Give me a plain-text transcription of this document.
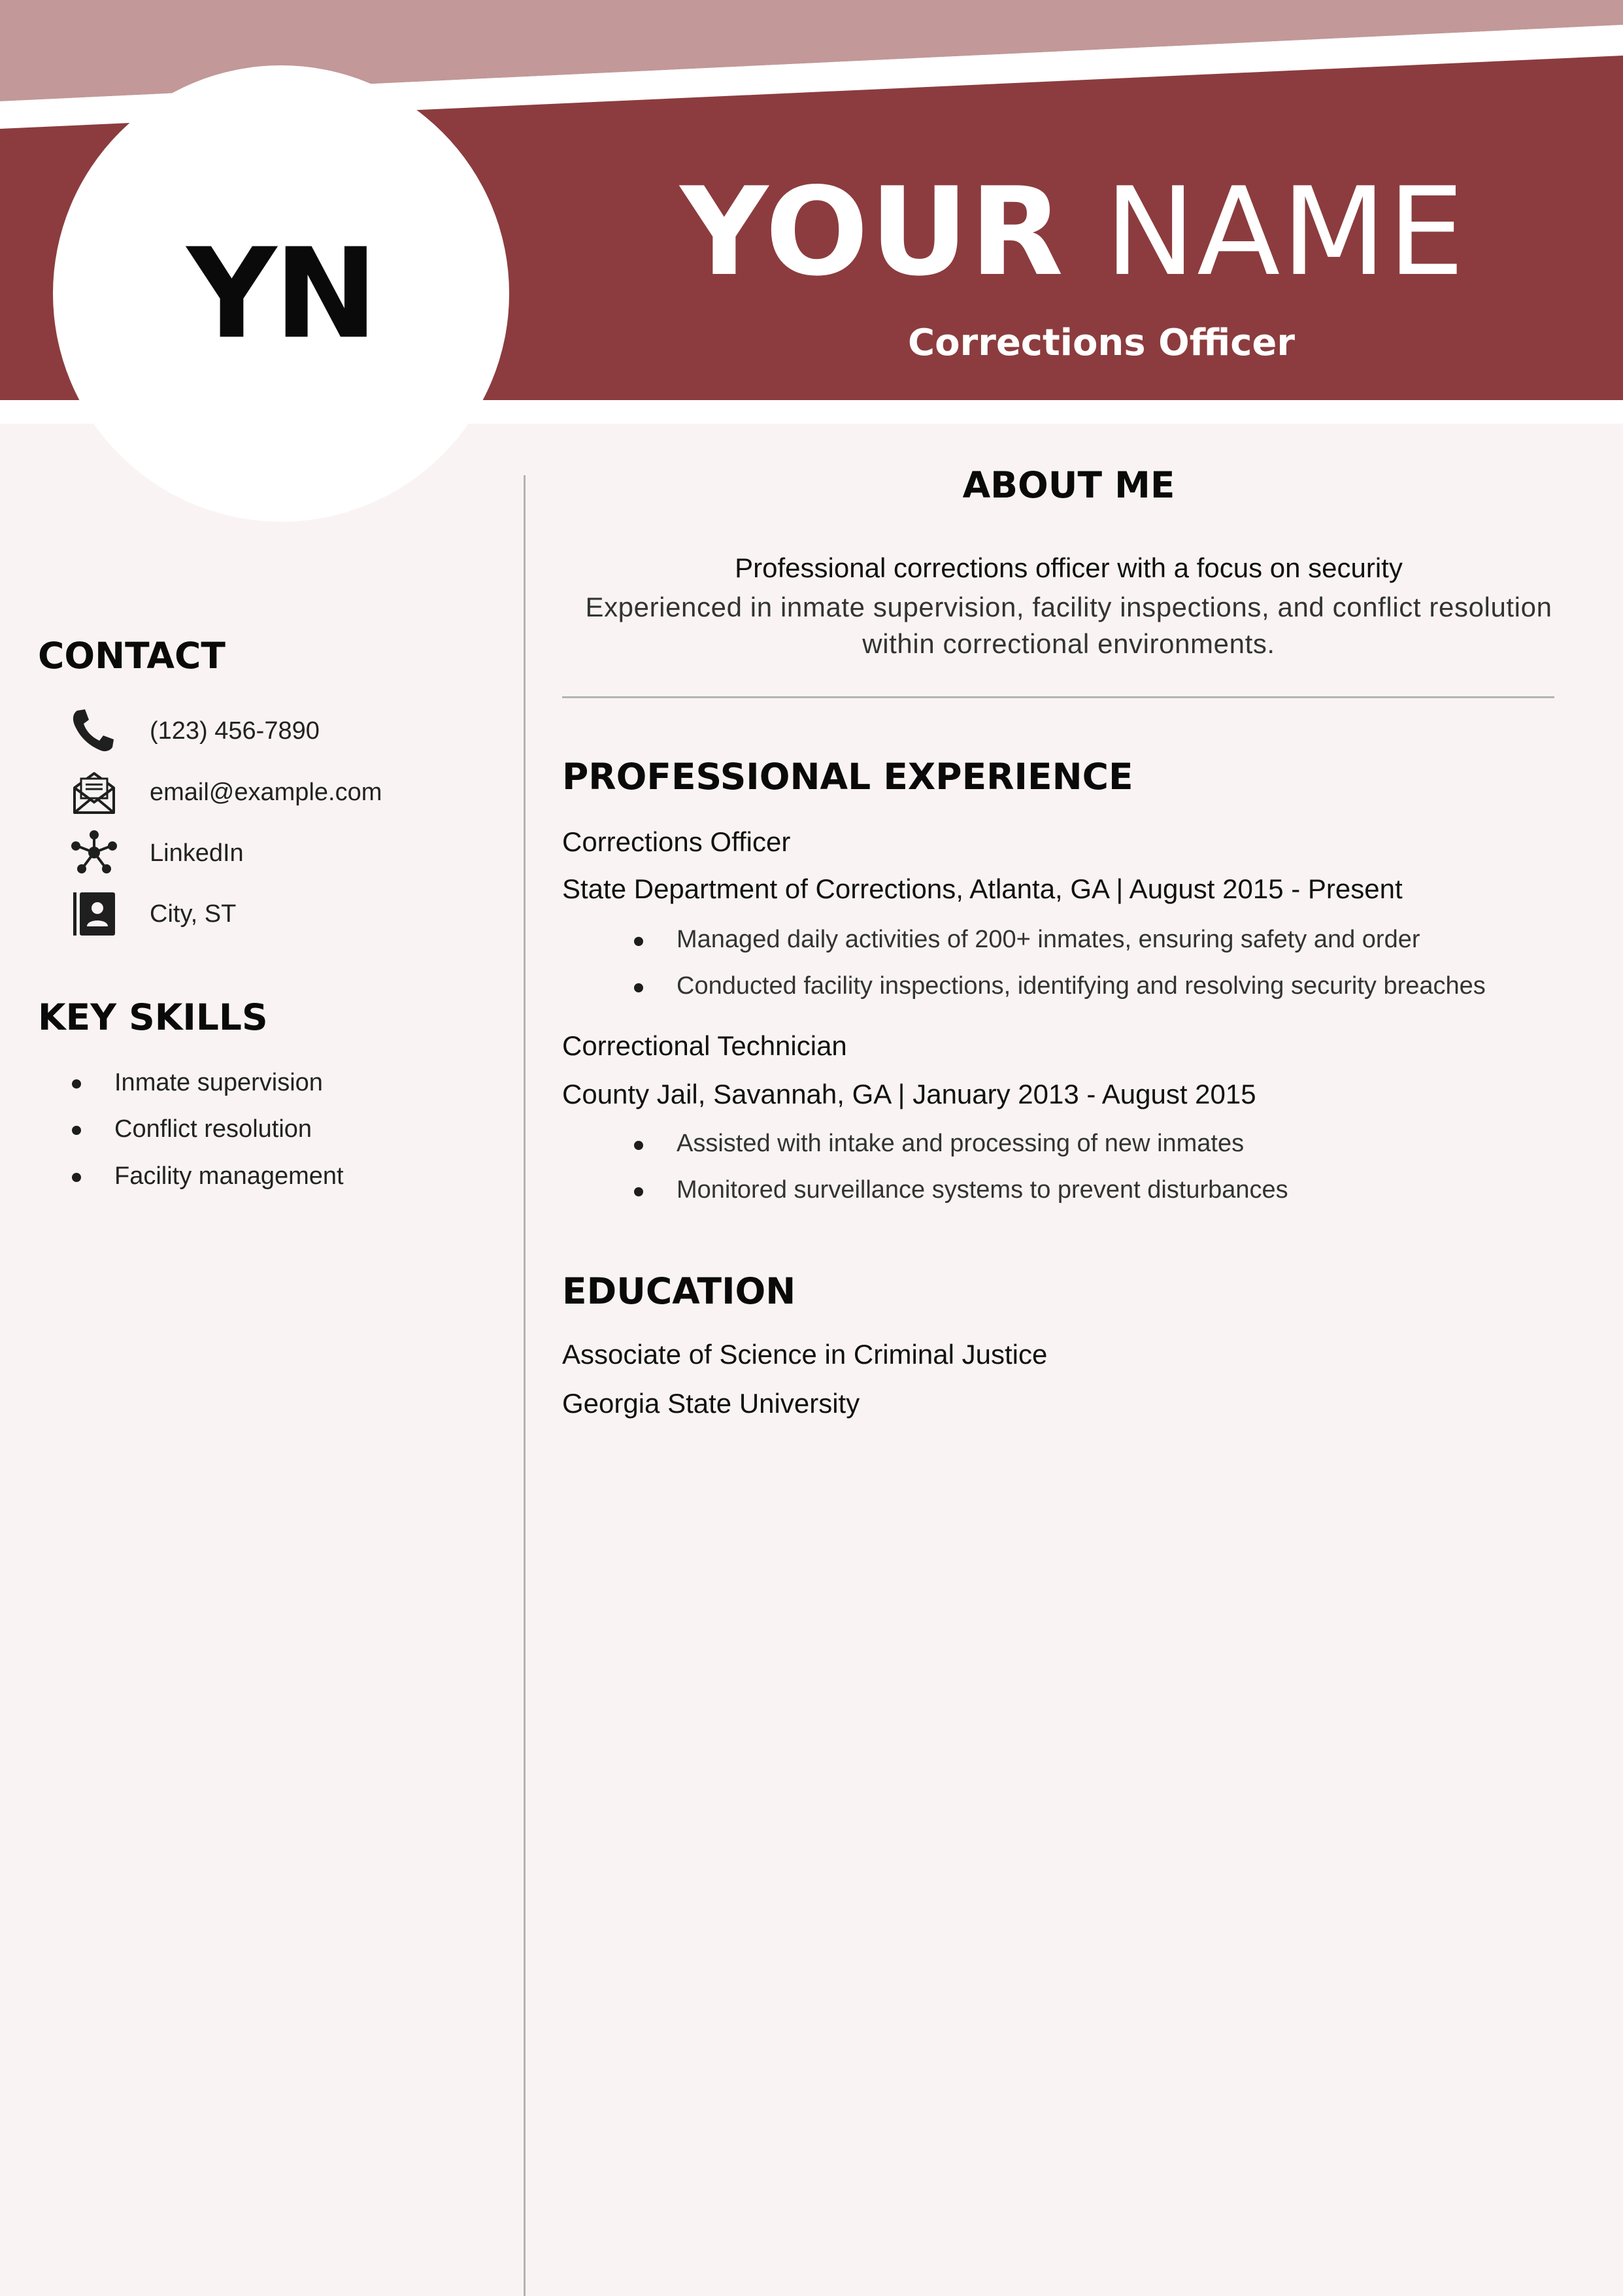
YN	YOUR NAME
Corrections Officer
CONTACT
(123) 456-7890
email@example.com
LinkedIn
City, ST
KEY SKILLS
Inmate supervision
Conflict resolution
Facility management
ABOUT ME
Professional corrections officer with a focus on security
Experienced in inmate supervision, facility inspections, and conflict resolution
within correctional environments.
PROFESSIONAL EXPERIENCE
Corrections Officer
State Department of Corrections, Atlanta, GA | August 2015 - Present
Managed daily activities of 200+ inmates, ensuring safety and order
Conducted facility inspections, identifying and resolving security breaches
Correctional Technician
County Jail, Savannah, GA | January 2013 - August 2015
Assisted with intake and processing of new inmates
Monitored surveillance systems to prevent disturbances
EDUCATION
Associate of Science in Criminal Justice
Georgia State University
